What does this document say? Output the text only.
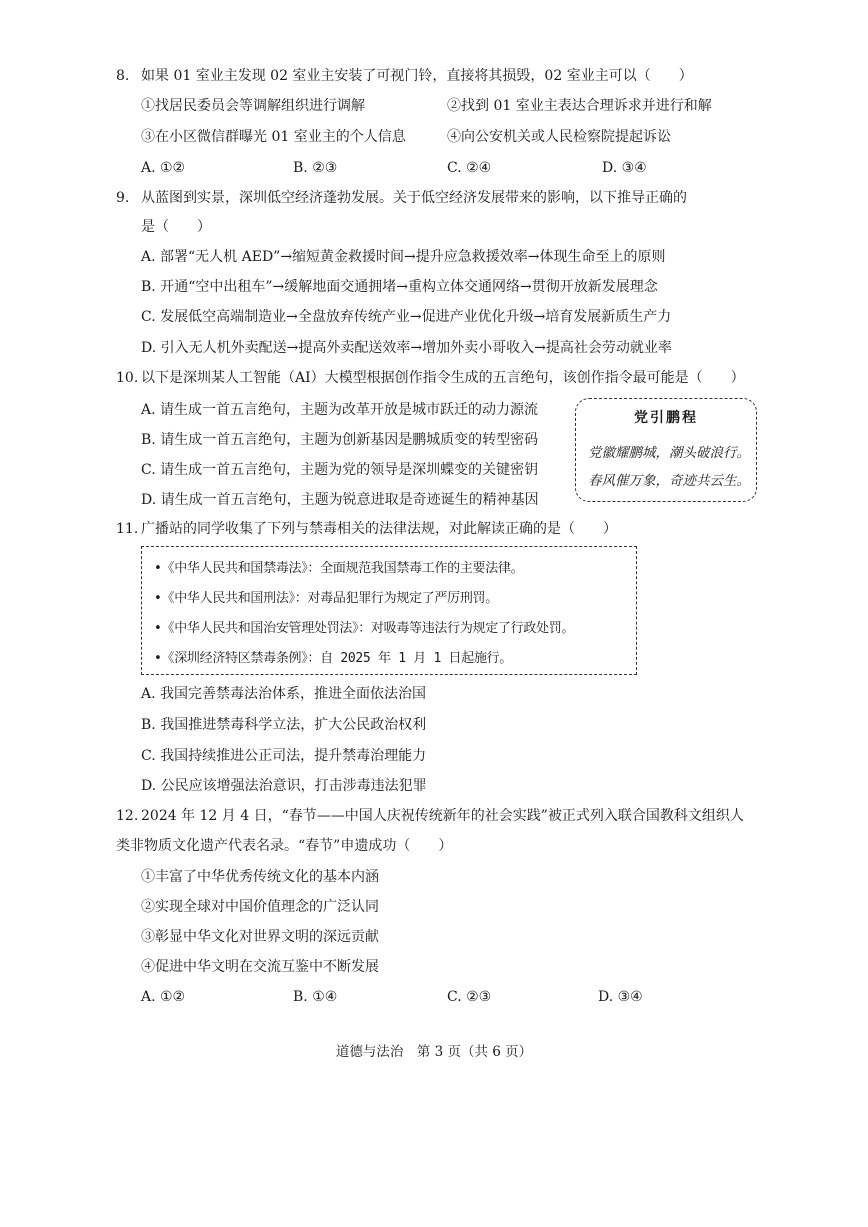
8. 如果 01 室业主发现 02 室业主安装了可视门铃，直接将其损毁，02 室业主可以（　　）
①找居民委员会等调解组织进行调解	②找到 01 室业主表达合理诉求并进行和解
③在小区微信群曝光 01 室业主的个人信息	④向公安机关或人民检察院提起诉讼
A. ①②	B. ②③	C. ②④	D. ③④
9. 从蓝图到实景，深圳低空经济蓬勃发展。关于低空经济发展带来的影响，以下推导正确的
是（　　）
A. 部署“无人机 AED”→缩短黄金救援时间→提升应急救援效率→体现生命至上的原则
B. 开通“空中出租车”→缓解地面交通拥堵→重构立体交通网络→贯彻开放新发展理念
C. 发展低空高端制造业→全盘放弃传统产业→促进产业优化升级→培育发展新质生产力
D. 引入无人机外卖配送→提高外卖配送效率→增加外卖小哥收入→提高社会劳动就业率
10. 以下是深圳某人工智能（AI）大模型根据创作指令生成的五言绝句，该创作指令最可能是（　　）
A. 请生成一首五言绝句，主题为改革开放是城市跃迁的动力源流
B. 请生成一首五言绝句，主题为创新基因是鹏城质变的转型密码
C. 请生成一首五言绝句，主题为党的领导是深圳蝶变的关键密钥
D. 请生成一首五言绝句，主题为锐意进取是奇迹诞生的精神基因
党引鹏程
党徽耀鹏城，潮头破浪行。
春风催万象，奇迹共云生。
11. 广播站的同学收集了下列与禁毒相关的法律法规，对此解读正确的是（　　）
•《中华人民共和国禁毒法》：全面规范我国禁毒工作的主要法律。
•《中华人民共和国刑法》：对毒品犯罪行为规定了严厉刑罚。
•《中华人民共和国治安管理处罚法》：对吸毒等违法行为规定了行政处罚。
•《深圳经济特区禁毒条例》：自 2025 年 1 月 1 日起施行。
A. 我国完善禁毒法治体系，推进全面依法治国
B. 我国推进禁毒科学立法，扩大公民政治权利
C. 我国持续推进公正司法，提升禁毒治理能力
D. 公民应该增强法治意识，打击涉毒违法犯罪
12. 2024 年 12 月 4 日，“春节——中国人庆祝传统新年的社会实践”被正式列入联合国教科文组织人
类非物质文化遗产代表名录。“春节”申遗成功（　　）
①丰富了中华优秀传统文化的基本内涵
②实现全球对中国价值理念的广泛认同
③彰显中华文化对世界文明的深远贡献
④促进中华文明在交流互鉴中不断发展
A. ①②	B. ①④	C. ②③	D. ③④
道德与法治　第 3 页（共 6 页）
